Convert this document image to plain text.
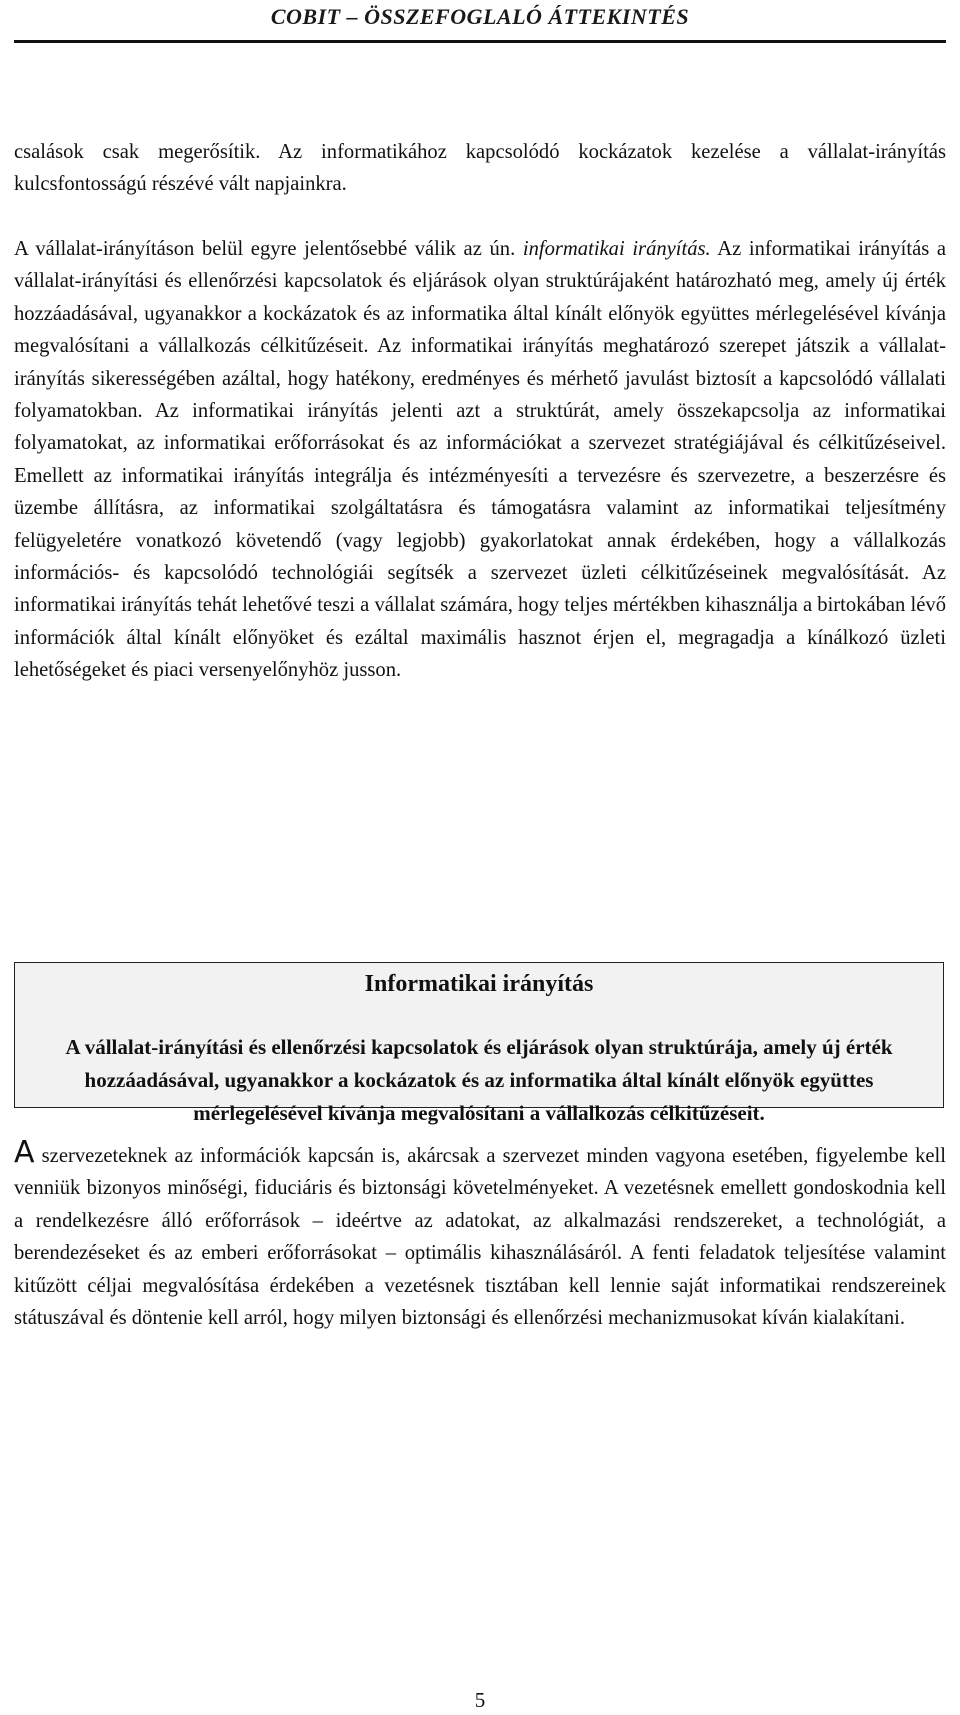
COBIT – ÖSSZEFOGLALÓ ÁTTEKINTÉS

csalások csak megerősítik. Az informatikához kapcsolódó kockázatok kezelése a vállalat-irányítás kulcsfontosságú részévé vált napjainkra.

A vállalat-irányításon belül egyre jelentősebbé válik az ún. informatikai irányítás. Az informatikai irányítás a vállalat-irányítási és ellenőrzési kapcsolatok és eljárások olyan struktúrájaként határozható meg, amely új érték hozzáadásával, ugyanakkor a kockázatok és az informatika által kínált előnyök együttes mérlegelésével kívánja megvalósítani a vállalkozás célkitűzéseit. Az informatikai irányítás meghatározó szerepet játszik a vállalat-irányítás sikerességében azáltal, hogy hatékony, eredményes és mérhető javulást biztosít a kapcsolódó vállalati folyamatokban. Az informatikai irányítás jelenti azt a struktúrát, amely összekapcsolja az informatikai folyamatokat, az informatikai erőforrásokat és az információkat a szervezet stratégiájával és célkitűzéseivel. Emellett az informatikai irányítás integrálja és intézményesíti a tervezésre és szervezetre, a beszerzésre és üzembe állításra, az informatikai szolgáltatásra és támogatásra valamint az informatikai teljesítmény felügyeletére vonatkozó követendő (vagy legjobb) gyakorlatokat annak érdekében, hogy a vállalkozás információs- és kapcsolódó technológiái segítsék a szervezet üzleti célkitűzéseinek megvalósítását. Az informatikai irányítás tehát lehetővé teszi a vállalat számára, hogy teljes mértékben kihasználja a birtokában lévő információk által kínált előnyöket és ezáltal maximális hasznot érjen el, megragadja a kínálkozó üzleti lehetőségeket és piaci versenyelőnyhöz jusson.

Informatikai irányítás
A vállalat-irányítási és ellenőrzési kapcsolatok és eljárások olyan struktúrája, amely új érték hozzáadásával, ugyanakkor a kockázatok és az informatika által kínált előnyök együttes mérlegelésével kívánja megvalósítani a vállalkozás célkitűzéseit.

A szervezeteknek az információk kapcsán is, akárcsak a szervezet minden vagyona esetében, figyelembe kell venniük bizonyos minőségi, fiduciáris és biztonsági követelményeket. A vezetésnek emellett gondoskodnia kell a rendelkezésre álló erőforrások – ideértve az adatokat, az alkalmazási rendszereket, a technológiát, a berendezéseket és az emberi erőforrásokat – optimális kihasználásáról. A fenti feladatok teljesítése valamint kitűzött céljai megvalósítása érdekében a vezetésnek tisztában kell lennie saját informatikai rendszereinek státuszával és döntenie kell arról, hogy milyen biztonsági és ellenőrzési mechanizmusokat kíván kialakítani.

5
